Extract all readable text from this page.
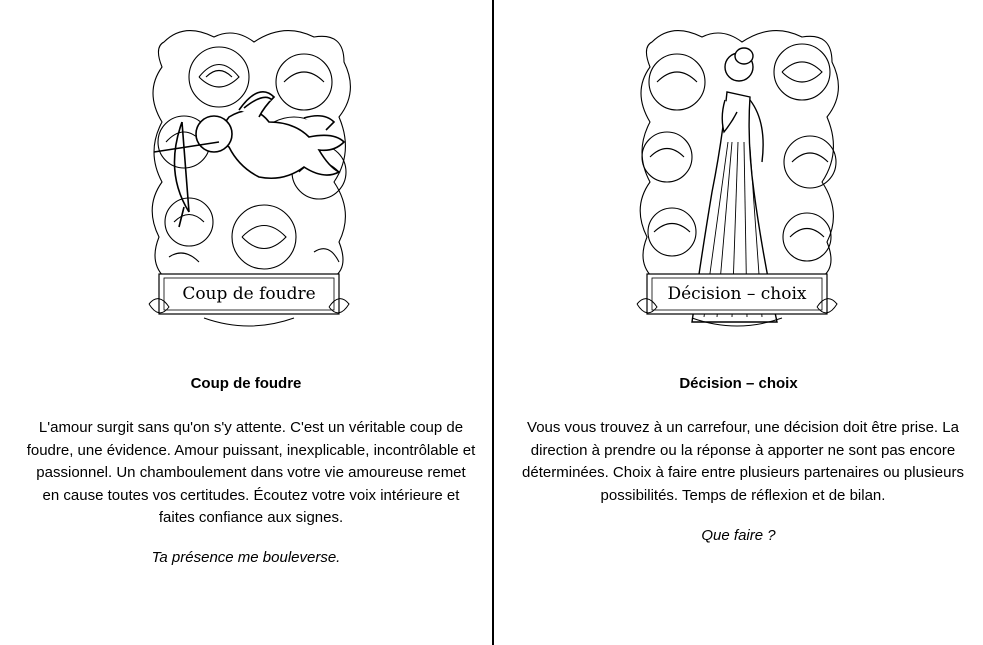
Coup de foudre
Coup de foudre
L'amour surgit sans qu'on s'y attente. C'est un véritable coup de foudre, une évidence. Amour puissant, inexplicable, incontrôlable et passionnel. Un chamboulement dans votre vie amoureuse remet en cause toutes vos certitudes. Écoutez votre voix intérieure et faites confiance aux signes.
Ta présence me bouleverse.
Décision – choix
Décision – choix
Vous vous trouvez à un carrefour, une décision doit être prise. La direction à prendre ou la réponse à apporter ne sont pas encore déterminées. Choix à faire entre plusieurs partenaires ou plusieurs possibilités. Temps de réflexion et de bilan.
Que faire ?
